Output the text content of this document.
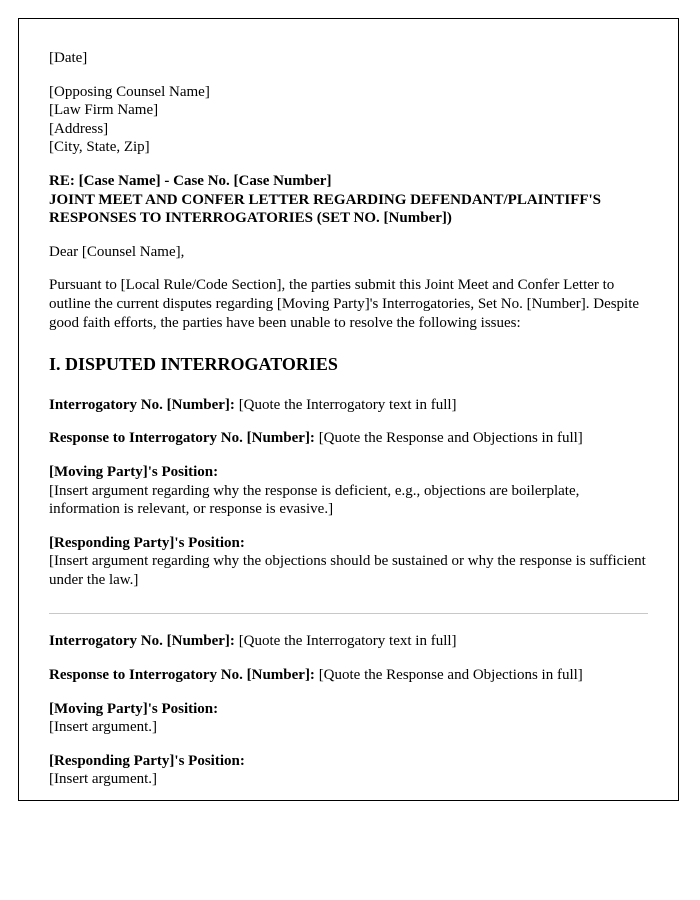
[Date]

[Opposing Counsel Name]
[Law Firm Name]
[Address]
[City, State, Zip]
RE: [Case Name] - Case No. [Case Number]
JOINT MEET AND CONFER LETTER REGARDING DEFENDANT/PLAINTIFF'S RESPONSES TO INTERROGATORIES (SET NO. [Number])

Dear [Counsel Name],

Pursuant to [Local Rule/Code Section], the parties submit this Joint Meet and Confer Letter to outline the current disputes regarding [Moving Party]'s Interrogatories, Set No. [Number]. Despite good faith efforts, the parties have been unable to resolve the following issues:

I. DISPUTED INTERROGATORIES

Interrogatory No. [Number]: [Quote the Interrogatory text in full]

Response to Interrogatory No. [Number]: [Quote the Response and Objections in full]

[Moving Party]'s Position:
[Insert argument regarding why the response is deficient, e.g., objections are boilerplate, information is relevant, or response is evasive.]

[Responding Party]'s Position:
[Insert argument regarding why the objections should be sustained or why the response is sufficient under the law.]

Interrogatory No. [Number]: [Quote the Interrogatory text in full]

Response to Interrogatory No. [Number]: [Quote the Response and Objections in full]

[Moving Party]'s Position:
[Insert argument.]

[Responding Party]'s Position:
[Insert argument.]
